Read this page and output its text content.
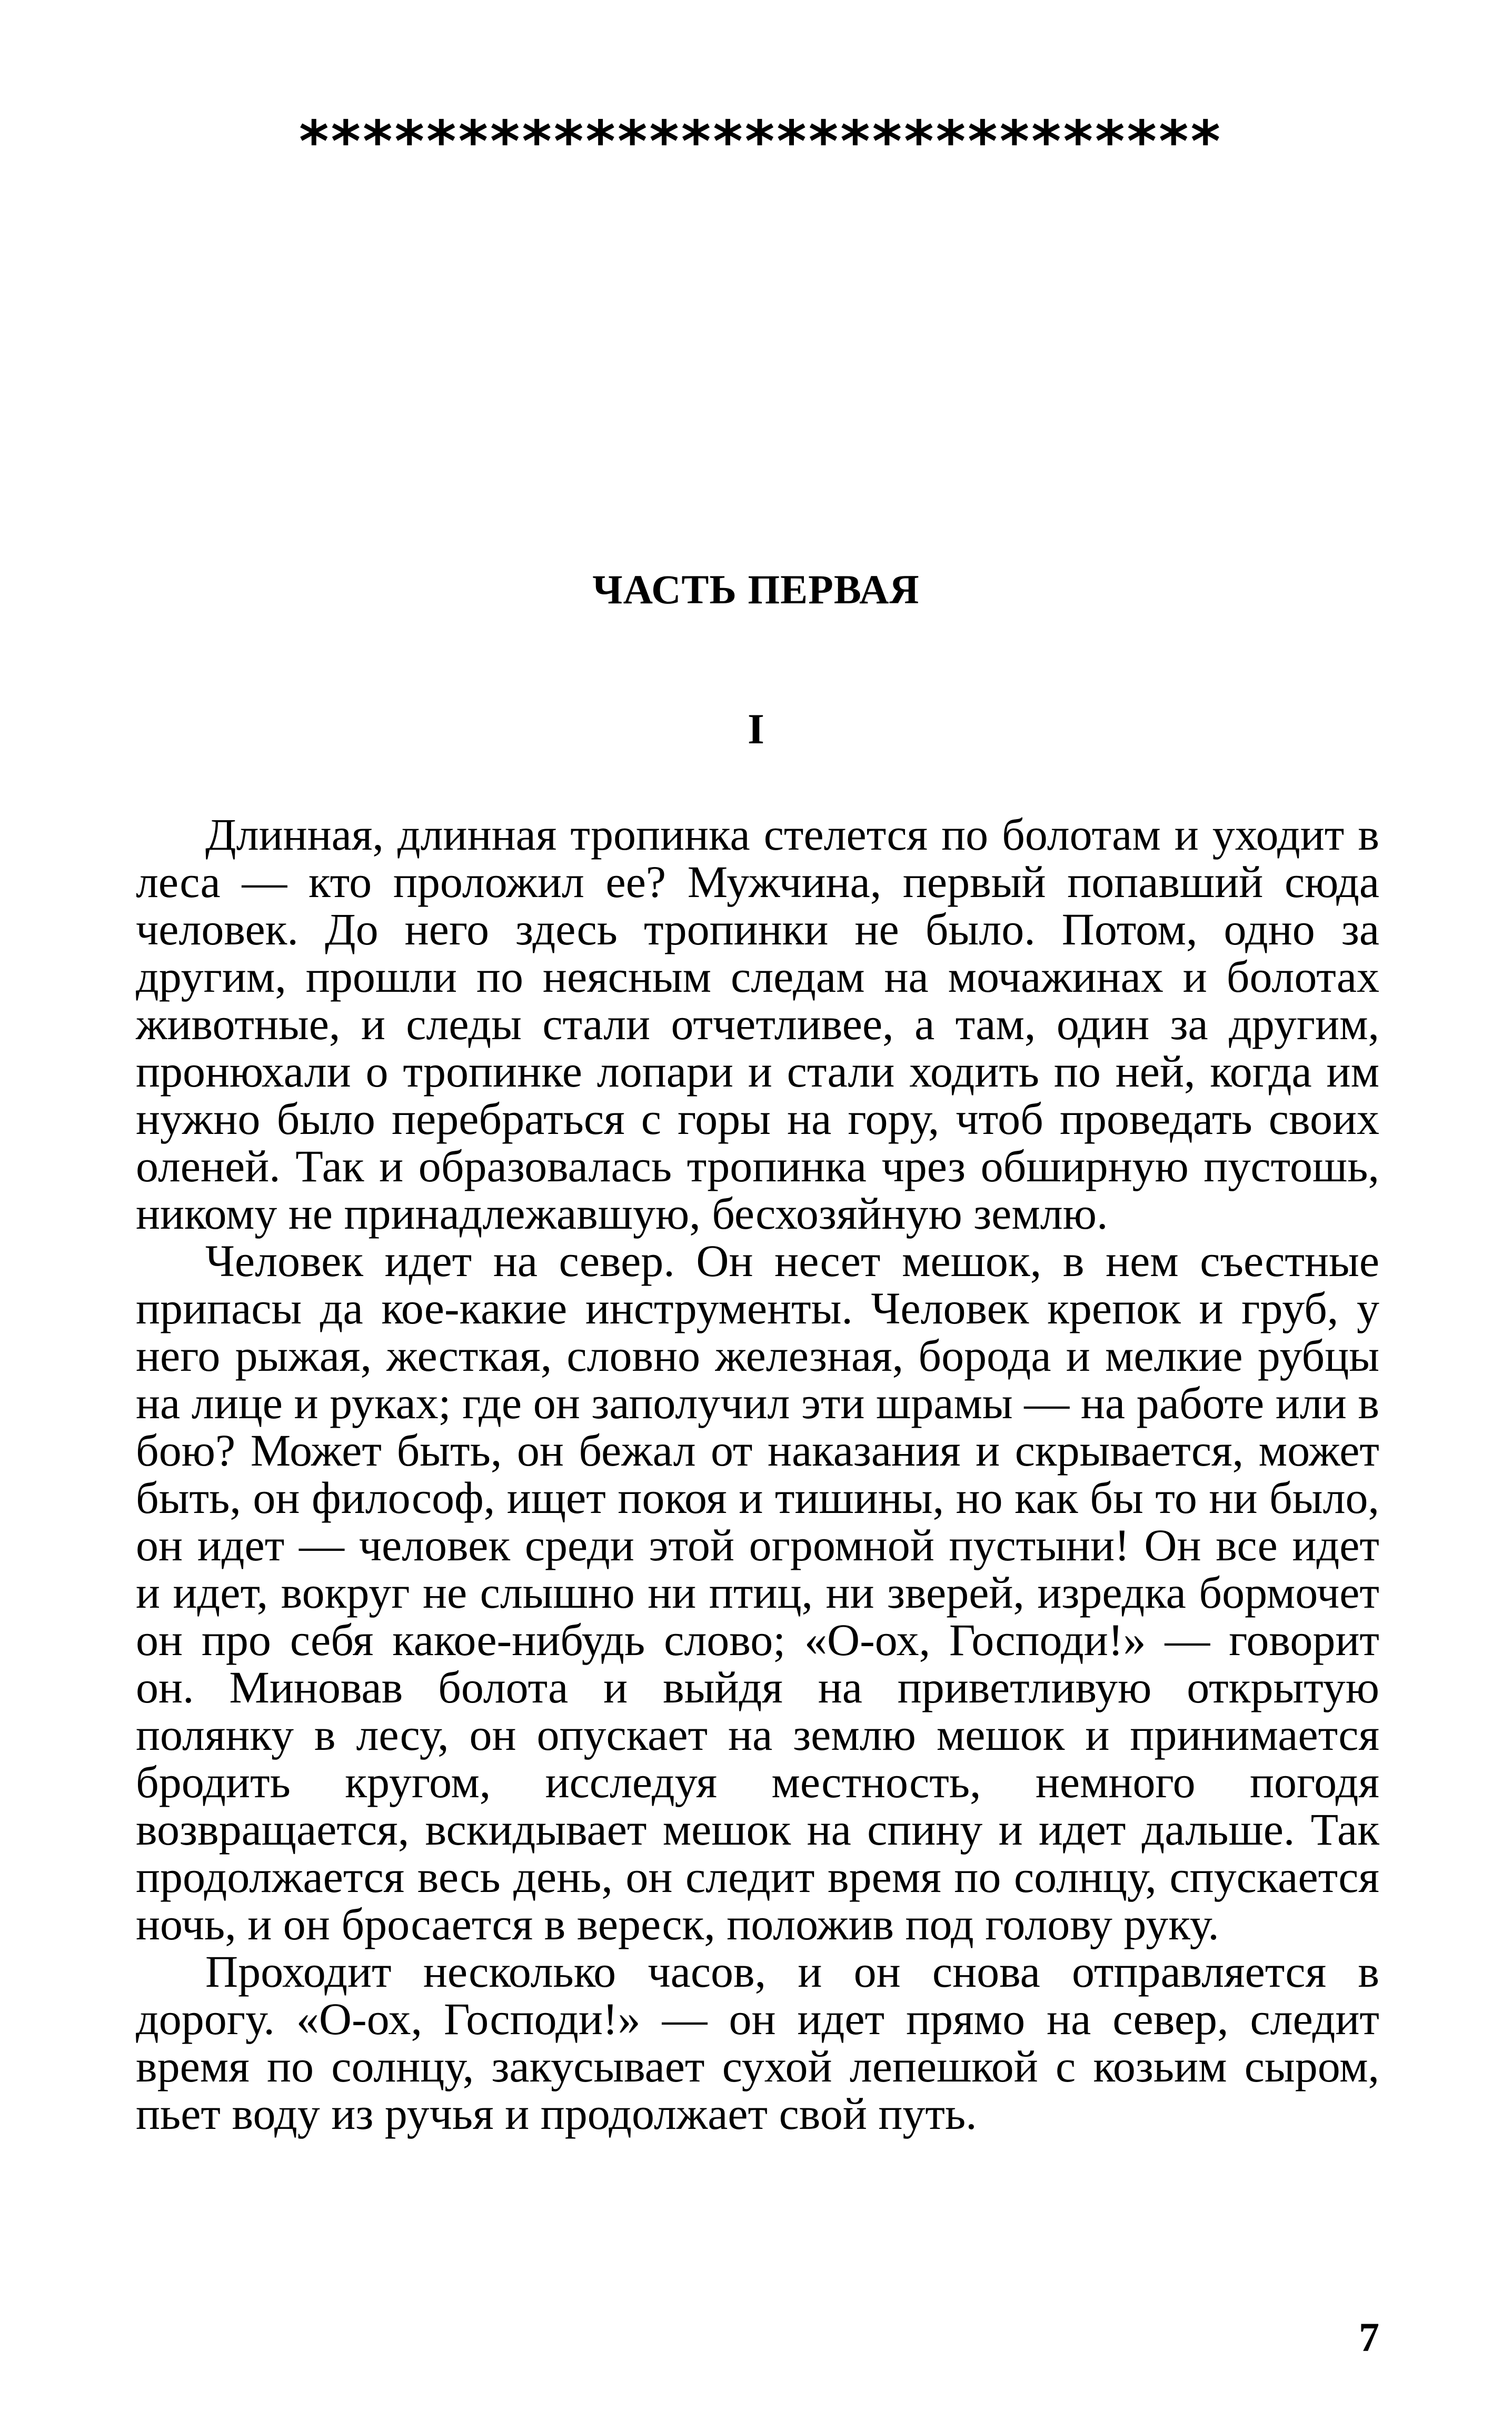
*****************************
ЧАСТЬ ПЕРВАЯ
I

Длинная, длинная тропинка стелется по болотам и уходит в леса — кто проложил ее? Мужчина, первый попавший сюда человек. До него здесь тропинки не было. Потом, одно за другим, прошли по неясным следам на мочажинах и болотах животные, и следы стали отчетливее, а там, один за другим, пронюхали о тропинке лопари и стали ходить по ней, когда им нужно было перебраться с горы на гору, чтоб проведать своих оленей. Так и образовалась тропинка чрез обширную пустошь, никому не принадлежавшую, бесхозяйную землю.

Человек идет на север. Он несет мешок, в нем съестные припасы да кое-какие инструменты. Человек крепок и груб, у него рыжая, жесткая, словно железная, борода и мелкие рубцы на лице и руках; где он заполучил эти шрамы — на работе или в бою? Может быть, он бежал от наказания и скрывается, может быть, он философ, ищет покоя и тишины, но как бы то ни было, он идет — человек среди этой огромной пустыни! Он все идет и идет, вокруг не слышно ни птиц, ни зверей, изредка бормочет он про себя какое-нибудь слово; «О-ох, Господи!» — говорит он. Миновав болота и выйдя на приветливую открытую полянку в лесу, он опускает на землю мешок и принимается бродить кругом, исследуя местность, немного погодя возвращается, вскидывает мешок на спину и идет дальше. Так продолжается весь день, он следит время по солнцу, спускается ночь, и он бросается в вереск, положив под голову руку.

Проходит несколько часов, и он снова отправляется в дорогу. «О-ох, Господи!» — он идет прямо на север, следит время по солнцу, закусывает сухой лепешкой с козьим сыром, пьет воду из ручья и продолжает свой путь.

7
